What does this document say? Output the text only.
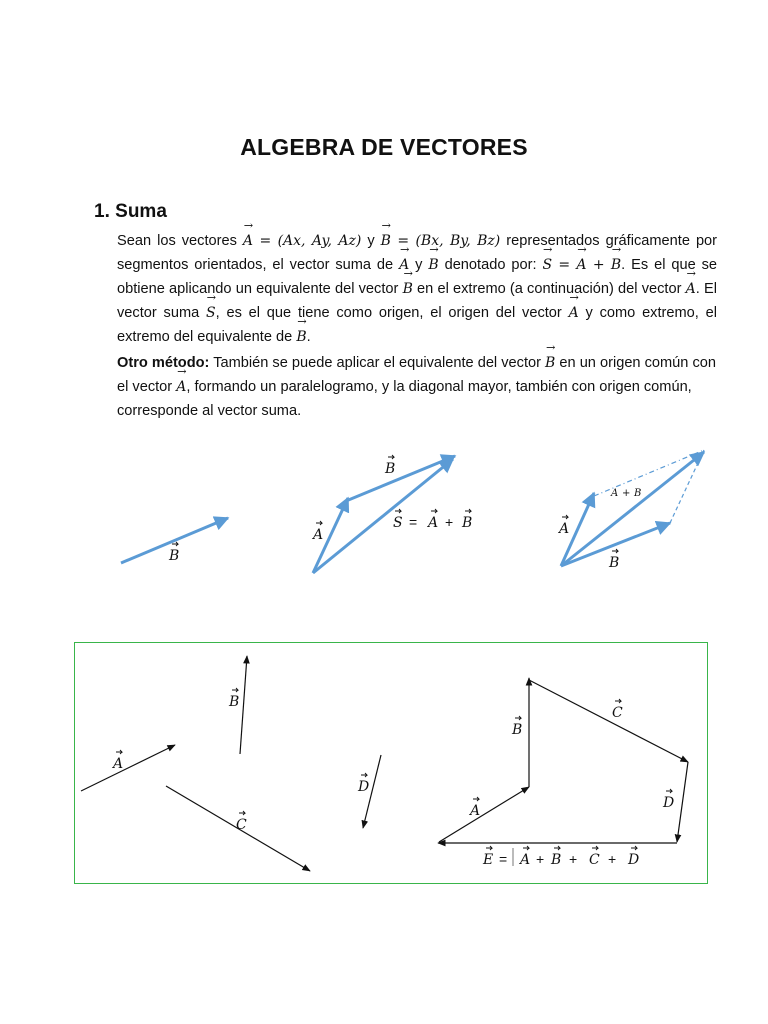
ALGEBRA DE VECTORES
1. Suma
Sean los vectores → A = (Ax, Ay, Az) y → B = (Bx, By, Bz) representados gráficamente por segmentos orientados, el vector suma de → A y → B denotado por: → S = → A + → B. Es el que se obtiene aplicando un equivalente del vector → B en el extremo (a continuación) del vector → A. El vector suma → S, es el que tiene como origen, el origen del vector → A y como extremo, el extremo del equivalente de → B.
Otro método: También se puede aplicar el equivalente del vector → B en un origen común con el vector → A, formando un paralelogramo, y la diagonal mayor, también con origen común, corresponde al vector suma.
B
A
B
S = A + B	A
B
A + B
A
B
C
D
A
B
C
D
E = A + B + C + D
